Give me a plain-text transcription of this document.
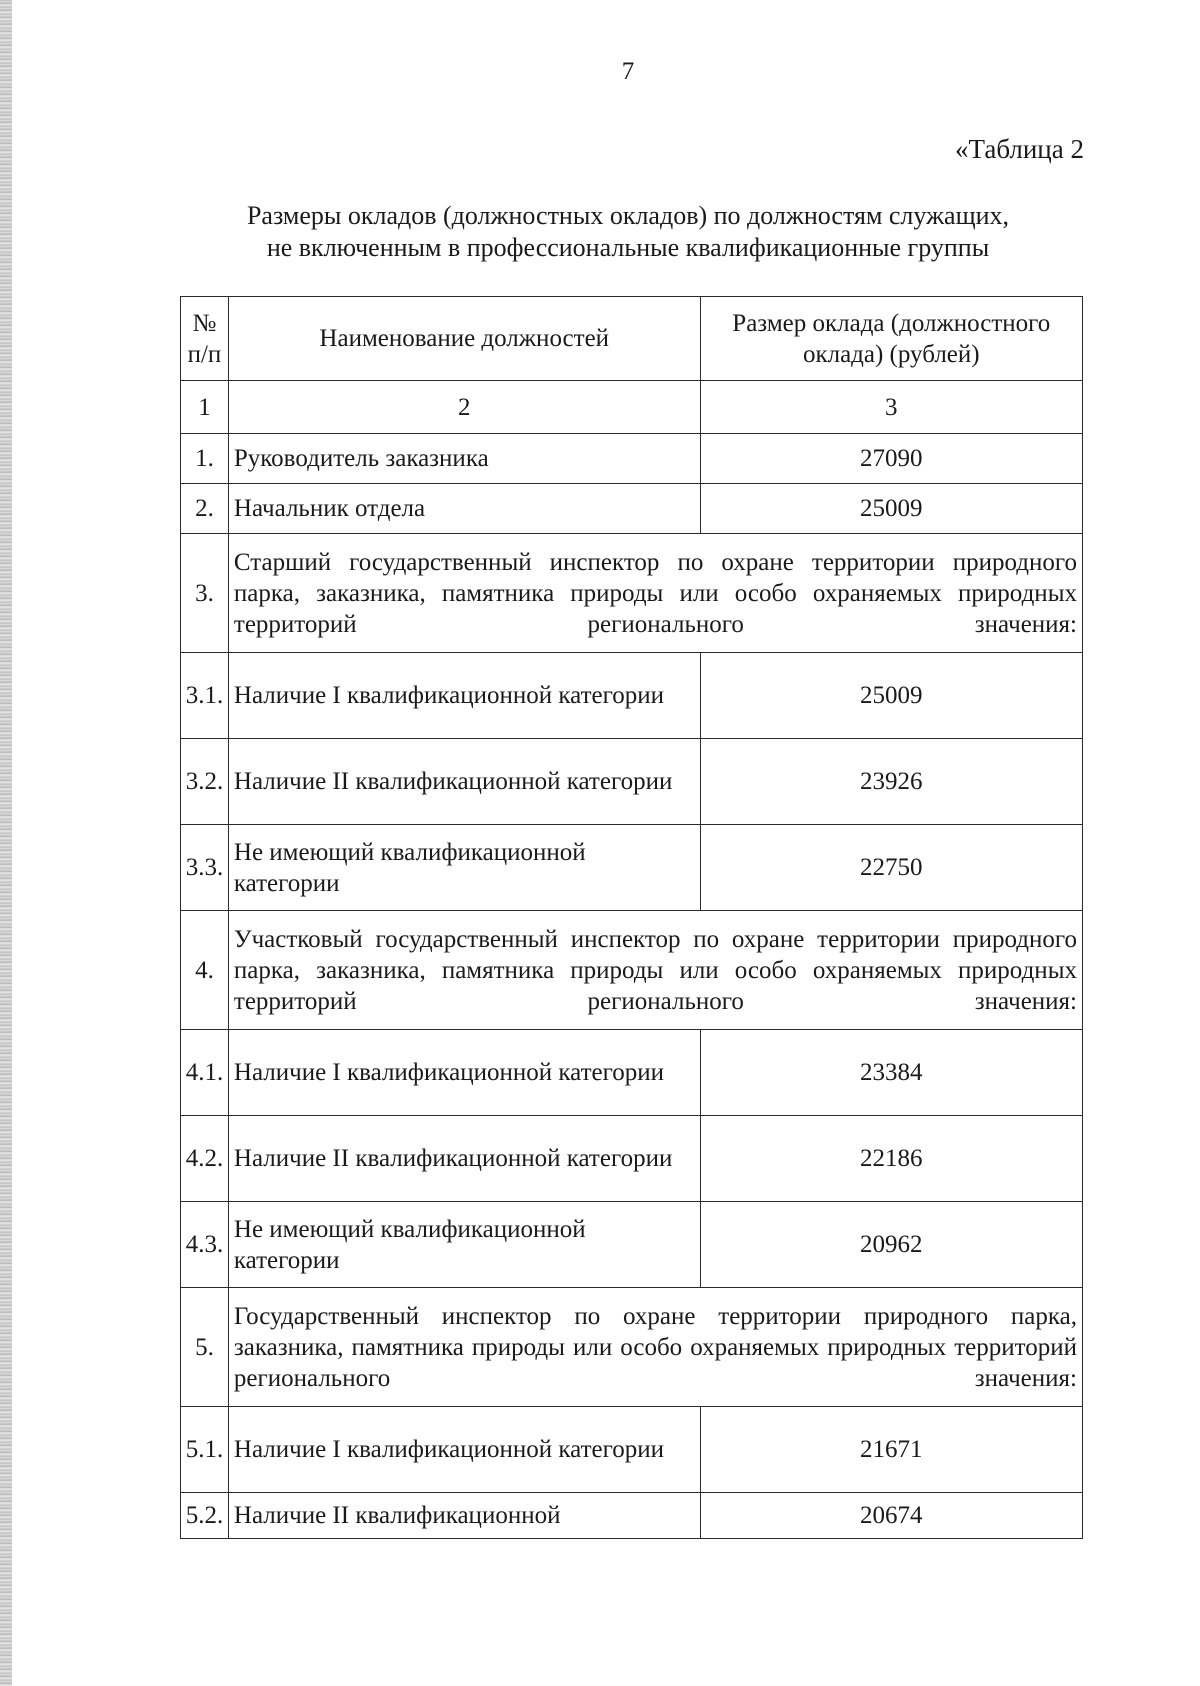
7
«Таблица 2
Размеры окладов (должностных окладов) по должностям служащих,
не включенным в профессиональные квалификационные группы
№ п/п	Наименование должностей	Размер оклада (должностного оклада) (рублей)
1	2	3
1.	Руководитель заказника	27090
2.	Начальник отдела	25009
3.	Старший государственный инспектор по охране территории природного парка, заказника, памятника природы или особо охраняемых природных территорий регионального значения:	
3.1.	Наличие I квалификационной категории	25009
3.2.	Наличие II квалификационной категории	23926
3.3.	Не имеющий квалификационной категории	22750
4.	Участковый государственный инспектор по охране территории природного парка, заказника, памятника природы или особо охраняемых природных территорий регионального значения:	
4.1.	Наличие I квалификационной категории	23384
4.2.	Наличие II квалификационной категории	22186
4.3.	Не имеющий квалификационной категории	20962
5.	Государственный инспектор по охране территории природного парка, заказника, памятника природы или особо охраняемых природных территорий регионального значения:	
5.1.	Наличие I квалификационной категории	21671
5.2.	Наличие II квалификационной	20674
